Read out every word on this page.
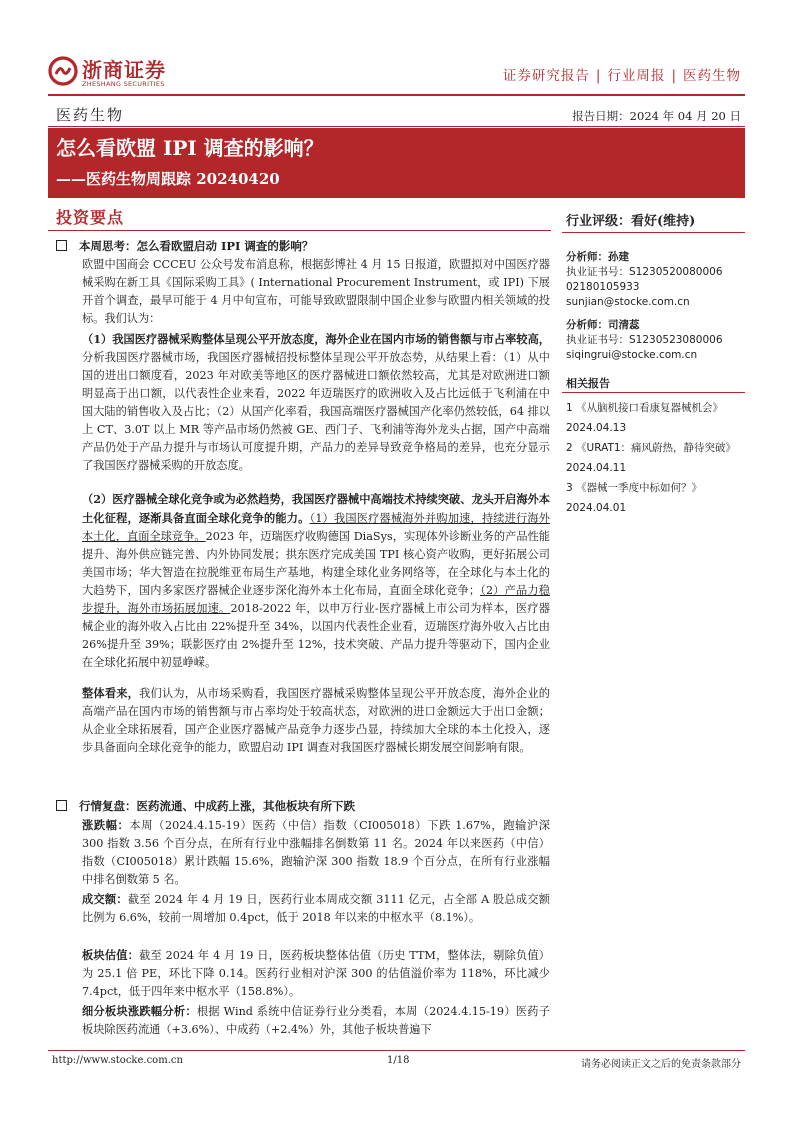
浙商证券
ZHESHANG SECURITIES	证券研究报告 | 行业周报 | 医药生物
医药生物	报告日期：2024 年 04 月 20 日
怎么看欧盟 IPI 调查的影响？
——医药生物周跟踪 20240420
投资要点
本周思考：怎么看欧盟启动 IPI 调查的影响？
欧盟中国商会 CCCEU 公众号发布消息称，根据彭博社 4 月 15 日报道，欧盟拟对中国医疗器械采购在新工具《国际采购工具》( International Procurement Instrument，或 IPI) 下展开首个调查，最早可能于 4 月中旬宣布，可能导致欧盟限制中国企业参与欧盟内相关领域的投标。我们认为：
（1）我国医疗器械采购整体呈现公平开放态度，海外企业在国内市场的销售额与市占率较高，分析我国医疗器械市场，我国医疗器械招投标整体呈现公平开放态势，从结果上看：（1）从中国的进出口额度看，2023 年对欧美等地区的医疗器械进口额依然较高，尤其是对欧洲进口额明显高于出口额，以代表性企业来看，2022 年迈瑞医疗的欧洲收入及占比远低于飞利浦在中国大陆的销售收入及占比；（2）从国产化率看，我国高端医疗器械国产化率仍然较低，64 排以上 CT、3.0T 以上 MR 等产品市场仍然被 GE、西门子、飞利浦等海外龙头占据，国产中高端产品仍处于产品力提升与市场认可度提升期，产品力的差异导致竞争格局的差异，也充分显示了我国医疗器械采购的开放态度。
（2）医疗器械全球化竞争或为必然趋势，我国医疗器械中高端技术持续突破、龙头开启海外本土化征程，逐渐具备直面全球化竞争的能力。（1）我国医疗器械海外并购加速，持续进行海外本土化，直面全球竞争。2023 年，迈瑞医疗收购德国 DiaSys，实现体外诊断业务的产品性能提升、海外供应链完善、内外协同发展；拱东医疗完成美国 TPI 核心资产收购，更好拓展公司美国市场；华大智造在拉脱维亚布局生产基地，构建全球化业务网络等，在全球化与本土化的大趋势下，国内多家医疗器械企业逐步深化海外本土化布局，直面全球化竞争；（2）产品力稳步提升，海外市场拓展加速。2018-2022 年，以申万行业-医疗器械上市公司为样本，医疗器械企业的海外收入占比由 22%提升至 34%，以国内代表性企业看，迈瑞医疗海外收入占比由 26%提升至 39%；联影医疗由 2%提升至 12%，技术突破、产品力提升等驱动下，国内企业在全球化拓展中初显峥嵘。
整体看来，我们认为，从市场采购看，我国医疗器械采购整体呈现公平开放态度，海外企业的高端产品在国内市场的销售额与市占率均处于较高状态，对欧洲的进口金额远大于出口金额；从企业全球拓展看，国产企业医疗器械产品竞争力逐步凸显，持续加大全球的本土化投入，逐步具备面向全球化竞争的能力，欧盟启动 IPI 调查对我国医疗器械长期发展空间影响有限。
行情复盘：医药流通、中成药上涨，其他板块有所下跌
涨跌幅：本周（2024.4.15-19）医药（中信）指数（CI005018）下跌 1.67%，跑输沪深 300 指数 3.56 个百分点，在所有行业中涨幅排名倒数第 11 名。2024 年以来医药（中信）指数（CI005018）累计跌幅 15.6%，跑输沪深 300 指数 18.9 个百分点，在所有行业涨幅中排名倒数第 5 名。
成交额：截至 2024 年 4 月 19 日，医药行业本周成交额 3111 亿元，占全部 A 股总成交额比例为 6.6%，较前一周增加 0.4pct，低于 2018 年以来的中枢水平（8.1%）。
板块估值：截至 2024 年 4 月 19 日，医药板块整体估值（历史 TTM，整体法，剔除负值）为 25.1 倍 PE，环比下降 0.14。医药行业相对沪深 300 的估值溢价率为 118%，环比减少 7.4pct，低于四年来中枢水平（158.8%）。
细分板块涨跌幅分析：根据 Wind 系统中信证券行业分类看，本周（2024.4.15-19）医药子板块除医药流通（+3.6%）、中成药（+2.4%）外，其他子板块普遍下
行业评级：看好(维持)
分析师：孙建
执业证书号：S1230520080006
02180105933
sunjian@stocke.com.cn
分析师：司清蕊
执业证书号：S1230523080006
siqingrui@stocke.com.cn
相关报告
1 《从脑机接口看康复器械机会》 2024.04.13
2 《URAT1：痛风蔚热，静待突破》 2024.04.11
3 《器械一季度中标如何？》
2024.04.01
http://www.stocke.com.cn	1/18	请务必阅读正文之后的免责条款部分
